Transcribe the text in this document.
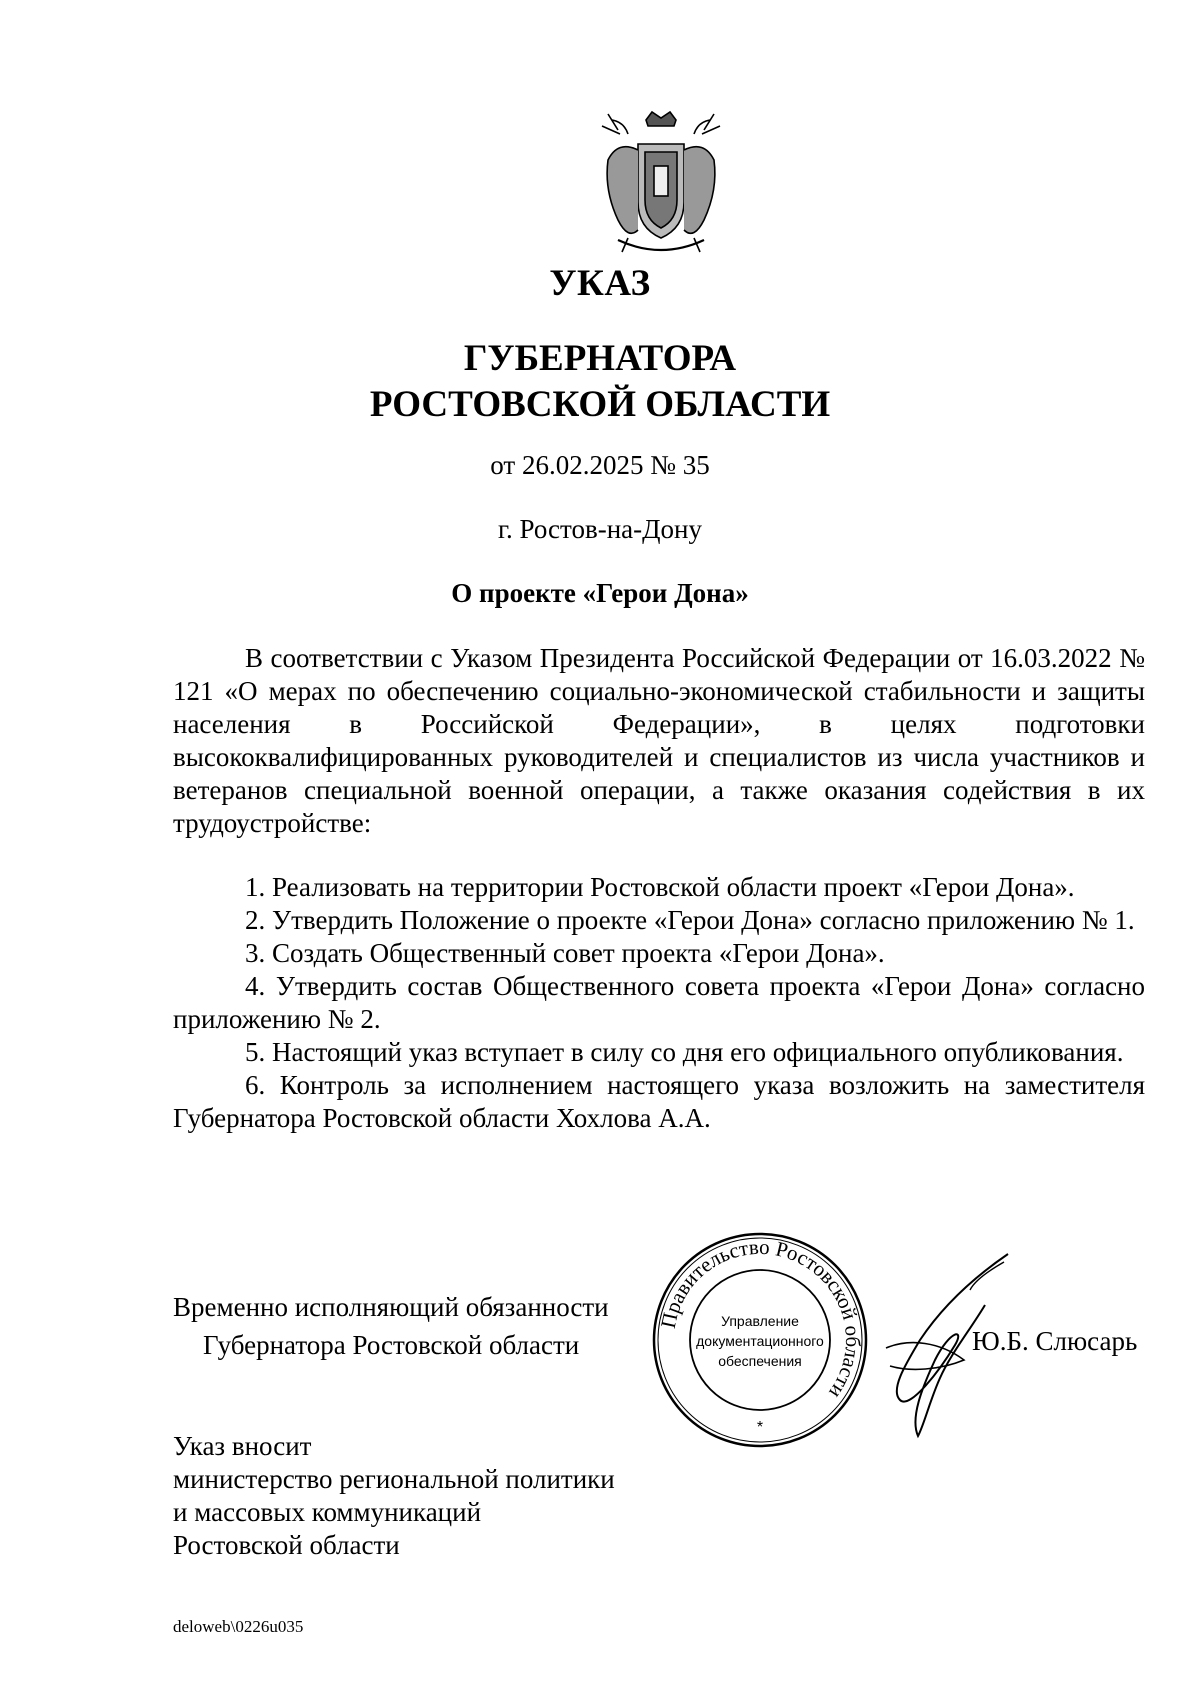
УКАЗ
ГУБЕРНАТОРА
РОСТОВСКОЙ ОБЛАСТИ
от 26.02.2025 № 35
г. Ростов-на-Дону
О проекте «Герои Дона»
В соответствии с Указом Президента Российской Федерации от 16.03.2022 № 121 «О мерах по обеспечению социально-экономической стабильности и защиты населения в Российской Федерации», в целях подготовки высококвалифицированных руководителей и специалистов из числа участников и ветеранов специальной военной операции, а также оказания содействия в их трудоустройстве:

1. Реализовать на территории Ростовской области проект «Герои Дона».

2. Утвердить Положение о проекте «Герои Дона» согласно приложению № 1.

3. Создать Общественный совет проекта «Герои Дона».

4. Утвердить состав Общественного совета проекта «Герои Дона» согласно приложению № 2.

5. Настоящий указ вступает в силу со дня его официального опубликования.

6. Контроль за исполнением настоящего указа возложить на заместителя Губернатора Ростовской области Хохлова А.А.

Временно исполняющий обязанности
Губернатора Ростовской области
Правительство Ростовской области
Управление
документационного
обеспечения
*
Ю.Б. Слюсарь
Указ вносит
министерство региональной политики
и массовых коммуникаций
Ростовской области
deloweb\0226u035
